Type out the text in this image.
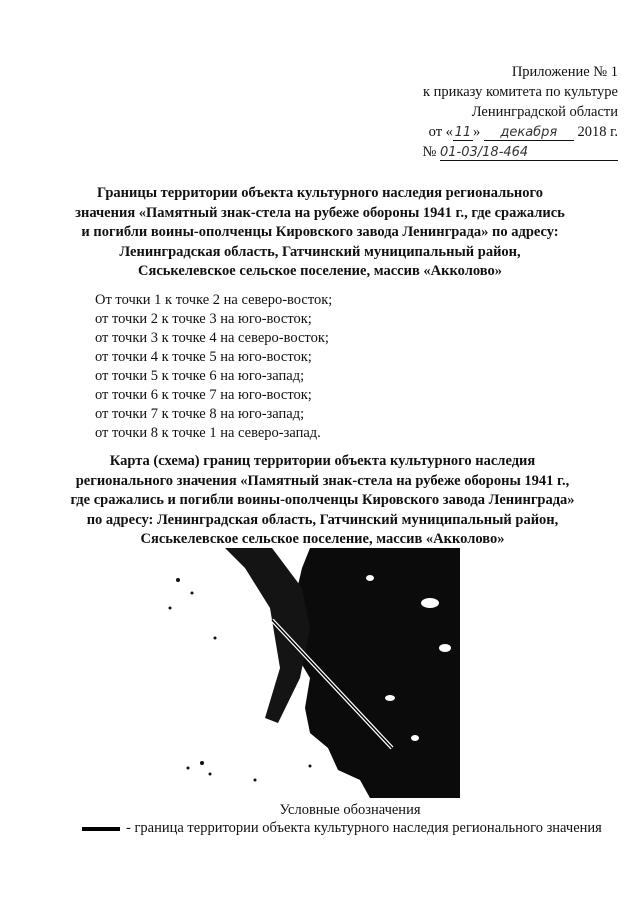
Приложение № 1
к приказу комитета по культуре
Ленинградской области
от « 11 » декабря 2018 г.
№ 01-03/18-464
Границы территории объекта культурного наследия регионального значения «Памятный знак-стела на рубеже обороны 1941 г., где сражались и погибли воины-ополченцы Кировского завода Ленинграда» по адресу: Ленинградская область, Гатчинский муниципальный район, Сяськелевское сельское поселение, массив «Акколово»
От точки 1 к точке 2 на северо-восток;
от точки 2 к точке 3 на юго-восток;
от точки 3 к точке 4 на северо-восток;
от точки 4 к точке 5 на юго-восток;
от точки 5 к точке 6 на юго-запад;
от точки 6 к точке 7 на юго-восток;
от точки 7 к точке 8 на юго-запад;
от точки 8 к точке 1 на северо-запад.
Карта (схема) границ территории объекта культурного наследия регионального значения «Памятный знак-стела на рубеже обороны 1941 г., где сражались и погибли воины-ополченцы Кировского завода Ленинграда» по адресу: Ленинградская область, Гатчинский муниципальный район, Сяськелевское сельское поселение, массив «Акколово»
Условные обозначения
- граница территории объекта культурного наследия регионального значения
